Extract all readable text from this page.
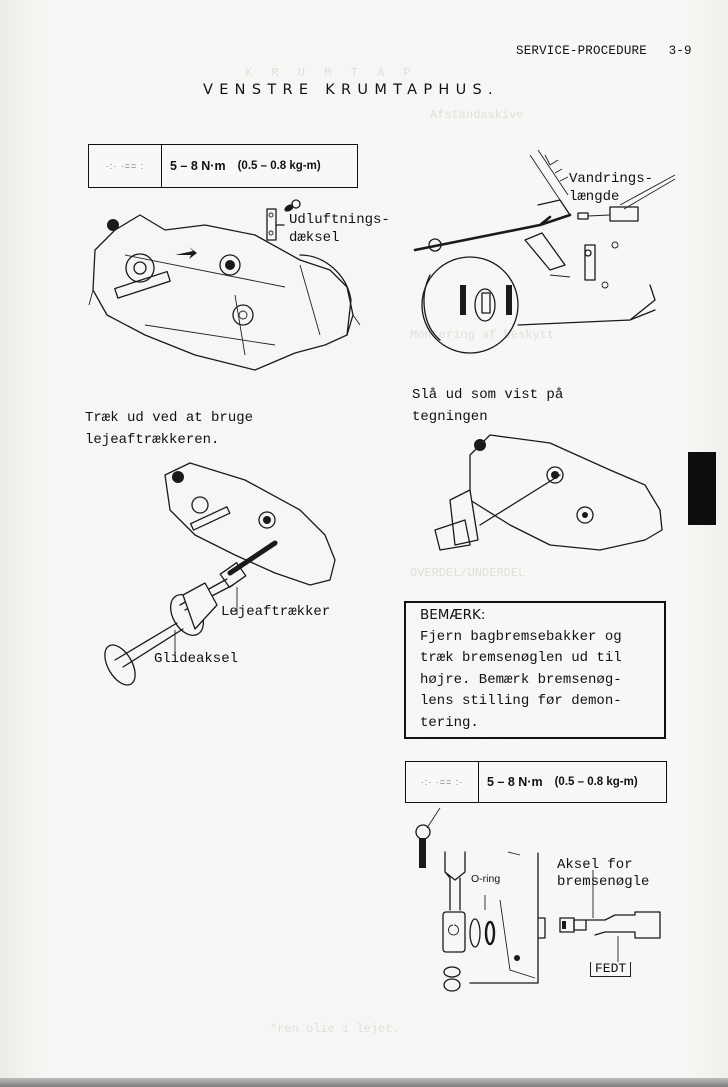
K R U M T A P
Afstandsskive
Montering af beskytt
OVERDEL/UNDERDEL
*ren olie i lejet.
SERVICE-PROCEDURE 3-9
VENSTRE KRUMTAPHUS.
·:· ·== :	5 – 8 N·m (0.5 – 0.8 kg-m)
Udluftnings-
dæksel
Vandrings-
længde
Træk ud ved at bruge
lejeaftrækkeren.
Slå ud som vist på
tegningen
Lejeaftrækker
Glideaksel
BEMÆRK:
Fjern bagbremsebakker og
træk bremsenøglen ud til
højre. Bemærk bremsenøg-
lens stilling før demon-
tering.
·:· ·== :·	5 – 8 N·m (0.5 – 0.8 kg-m)
O-ring
Aksel for
bremsenøgle
FEDT
